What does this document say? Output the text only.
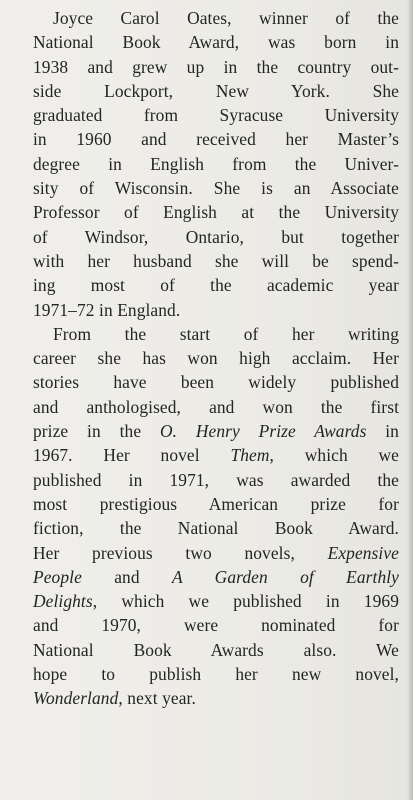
Joyce Carol Oates, winner of the
National Book Award, was born in
1938 and grew up in the country out-
side Lockport, New York. She
graduated from Syracuse University
in 1960 and received her Master’s
degree in English from the Univer-
sity of Wisconsin. She is an Associate
Professor of English at the University
of Windsor, Ontario, but together
with her husband she will be spend-
ing most of the academic year
1971–72 in England.
From the start of her writing
career she has won high acclaim. Her
stories have been widely published
and anthologised, and won the first
prize in the O. Henry Prize Awards in
1967. Her novel Them, which we
published in 1971, was awarded the
most prestigious American prize for
fiction, the National Book Award.
Her previous two novels, Expensive
People and A Garden of Earthly
Delights, which we published in 1969
and 1970, were nominated for
National Book Awards also. We
hope to publish her new novel,
Wonderland, next year.
